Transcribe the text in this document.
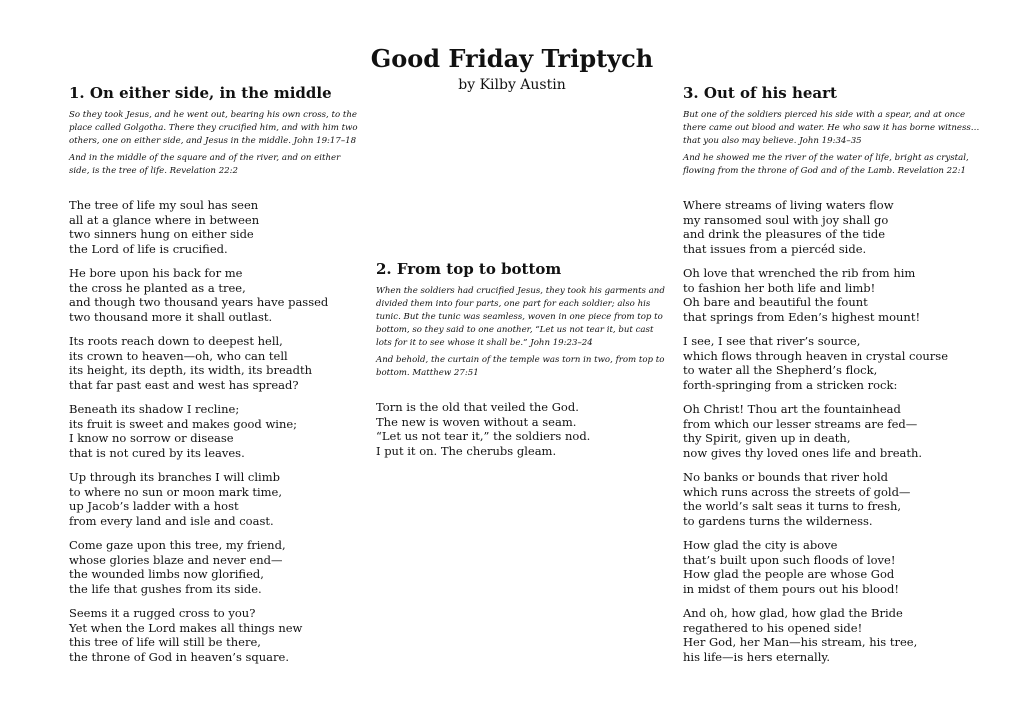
Good Friday Triptych
by Kilby Austin
1. On either side, in the middle
So they took Jesus, and he went out, bearing his own cross, to the place called Golgotha. There they crucified him, and with him two others, one on either side, and Jesus in the middle. John 19:17–18
And in the middle of the square and of the river, and on either side, is the tree of life. Revelation 22:2
The tree of life my soul has seen
all at a glance where in between
two sinners hung on either side
the Lord of life is crucified.
He bore upon his back for me
the cross he planted as a tree,
and though two thousand years have passed
two thousand more it shall outlast.
Its roots reach down to deepest hell,
its crown to heaven—oh, who can tell
its height, its depth, its width, its breadth
that far past east and west has spread?
Beneath its shadow I recline;
its fruit is sweet and makes good wine;
I know no sorrow or disease
that is not cured by its leaves.
Up through its branches I will climb
to where no sun or moon mark time,
up Jacob’s ladder with a host
from every land and isle and coast.
Come gaze upon this tree, my friend,
whose glories blaze and never end—
the wounded limbs now glorified,
the life that gushes from its side.
Seems it a rugged cross to you?
Yet when the Lord makes all things new
this tree of life will still be there,
the throne of God in heaven’s square.
2. From top to bottom
When the soldiers had crucified Jesus, they took his garments and divided them into four parts, one part for each soldier; also his tunic. But the tunic was seamless, woven in one piece from top to bottom, so they said to one another, “Let us not tear it, but cast lots for it to see whose it shall be.” John 19:23–24
And behold, the curtain of the temple was torn in two, from top to bottom. Matthew 27:51
Torn is the old that veiled the God.
The new is woven without a seam.
“Let us not tear it,” the soldiers nod.
I put it on. The cherubs gleam.
3. Out of his heart
But one of the soldiers pierced his side with a spear, and at once there came out blood and water. He who saw it has borne witness…that you also may believe. John 19:34–35
And he showed me the river of the water of life, bright as crystal, flowing from the throne of God and of the Lamb. Revelation 22:1
Where streams of living waters flow
my ransomed soul with joy shall go
and drink the pleasures of the tide
that issues from a piercéd side.
Oh love that wrenched the rib from him
to fashion her both life and limb!
Oh bare and beautiful the fount
that springs from Eden’s highest mount!
I see, I see that river’s source,
which flows through heaven in crystal course
to water all the Shepherd’s flock,
forth-springing from a stricken rock:
Oh Christ! Thou art the fountainhead
from which our lesser streams are fed—
thy Spirit, given up in death,
now gives thy loved ones life and breath.
No banks or bounds that river hold
which runs across the streets of gold—
the world’s salt seas it turns to fresh,
to gardens turns the wilderness.
How glad the city is above
that’s built upon such floods of love!
How glad the people are whose God
in midst of them pours out his blood!
And oh, how glad, how glad the Bride
regathered to his opened side!
Her God, her Man—his stream, his tree,
his life—is hers eternally.
